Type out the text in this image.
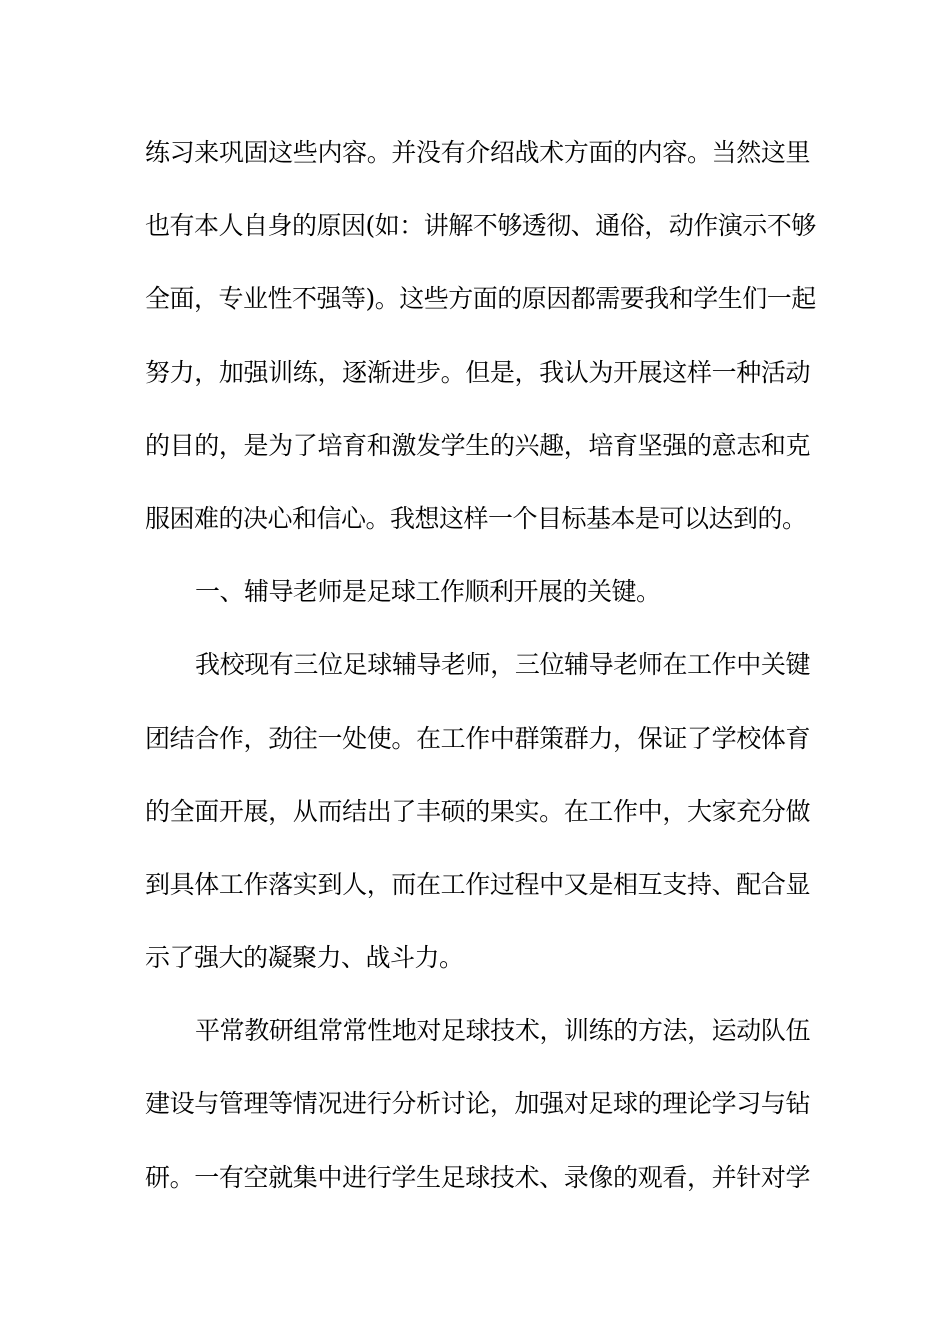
练习来巩固这些内容。并没有介绍战术方面的内容。当然这里
也有本人自身的原因(如：讲解不够透彻、通俗，动作演示不够
全面，专业性不强等)。这些方面的原因都需要我和学生们一起
努力，加强训练，逐渐进步。但是，我认为开展这样一种活动
的目的，是为了培育和激发学生的兴趣，培育坚强的意志和克
服困难的决心和信心。我想这样一个目标基本是可以达到的。
一、辅导老师是足球工作顺利开展的关键。
我校现有三位足球辅导老师，三位辅导老师在工作中关键
团结合作，劲往一处使。在工作中群策群力，保证了学校体育
的全面开展，从而结出了丰硕的果实。在工作中，大家充分做
到具体工作落实到人，而在工作过程中又是相互支持、配合显
示了强大的凝聚力、战斗力。
平常教研组常常性地对足球技术，训练的方法，运动队伍
建设与管理等情况进行分析讨论，加强对足球的理论学习与钻
研。一有空就集中进行学生足球技术、录像的观看，并针对学
